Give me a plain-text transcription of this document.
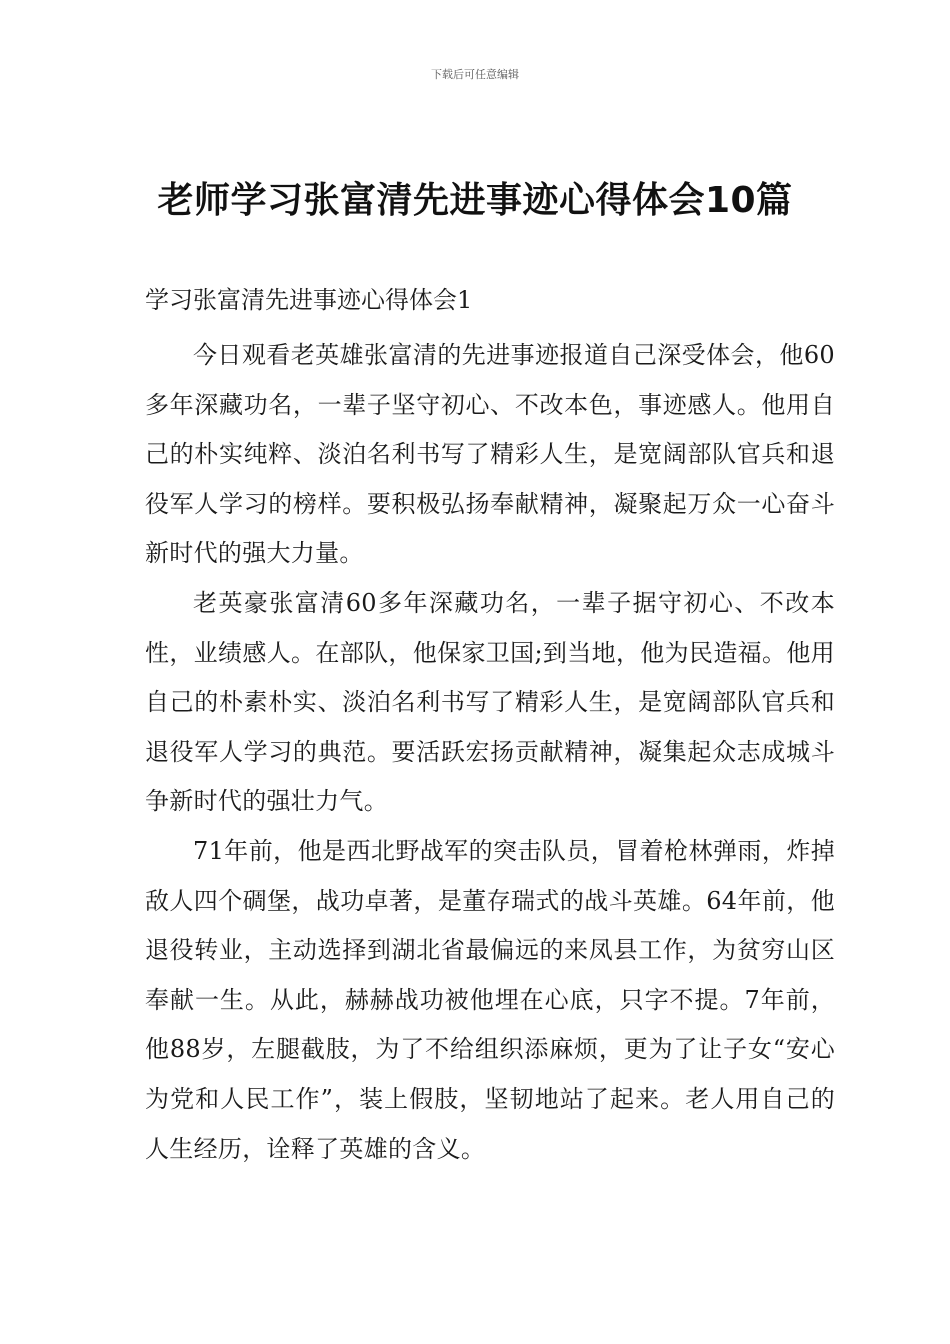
下载后可任意编辑
老师学习张富清先进事迹心得体会10篇

学习张富清先进事迹心得体会1

今日观看老英雄张富清的先进事迹报道自己深受体会，他60多年深藏功名，一辈子坚守初心、不改本色，事迹感人。他用自己的朴实纯粹、淡泊名利书写了精彩人生，是宽阔部队官兵和退役军人学习的榜样。要积极弘扬奉献精神，凝聚起万众一心奋斗新时代的强大力量。

老英豪张富清60多年深藏功名，一辈子据守初心、不改本性，业绩感人。在部队，他保家卫国;到当地，他为民造福。他用自己的朴素朴实、淡泊名利书写了精彩人生，是宽阔部队官兵和退役军人学习的典范。要活跃宏扬贡献精神，凝集起众志成城斗争新时代的强壮力气。

71年前，他是西北野战军的突击队员，冒着枪林弹雨，炸掉敌人四个碉堡，战功卓著，是董存瑞式的战斗英雄。64年前，他退役转业，主动选择到湖北省最偏远的来凤县工作，为贫穷山区奉献一生。从此，赫赫战功被他埋在心底，只字不提。7年前，他88岁，左腿截肢，为了不给组织添麻烦，更为了让子女“安心为党和人民工作”，装上假肢，坚韧地站了起来。老人用自己的人生经历，诠释了英雄的含义。
